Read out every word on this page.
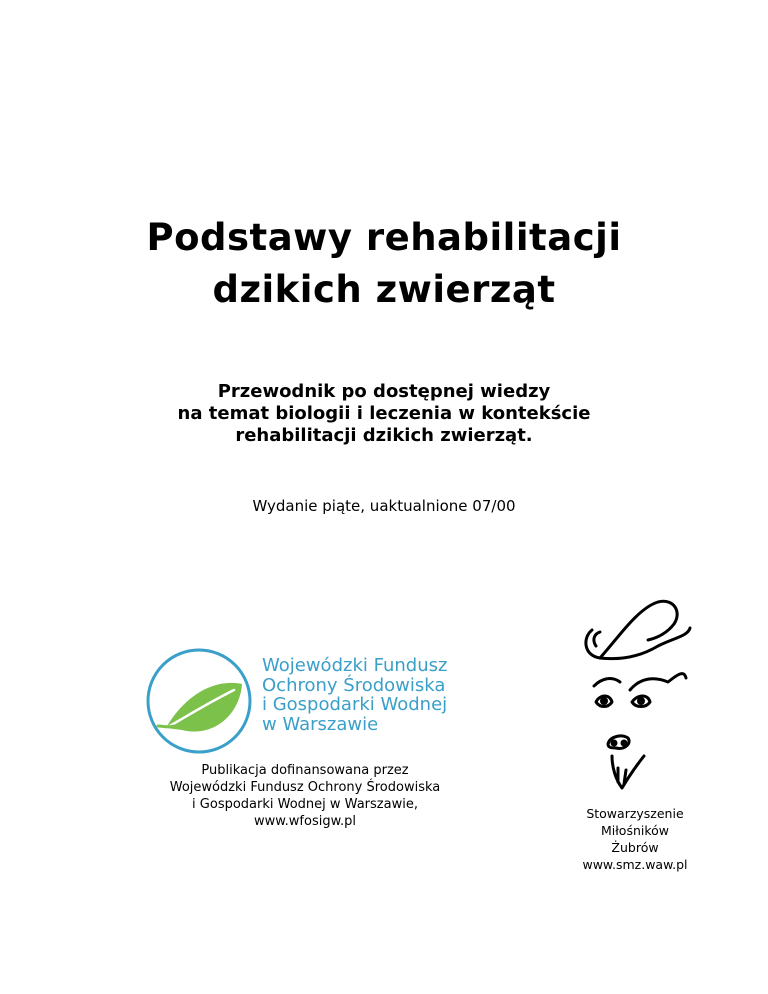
Podstawy rehabilitacji
dzikich zwierząt
Przewodnik po dostępnej wiedzy
na temat biologii i leczenia w kontekście
rehabilitacji dzikich zwierząt.
Wydanie piąte, uaktualnione 07/00
Wojewódzki Fundusz
Ochrony Środowiska
i Gospodarki Wodnej
w Warszawie
Publikacja dofinansowana przez
Wojewódzki Fundusz Ochrony Środowiska
i Gospodarki Wodnej w Warszawie,
www.wfosigw.pl
Stowarzyszenie
Miłośników
Żubrów
www.smz.waw.pl
